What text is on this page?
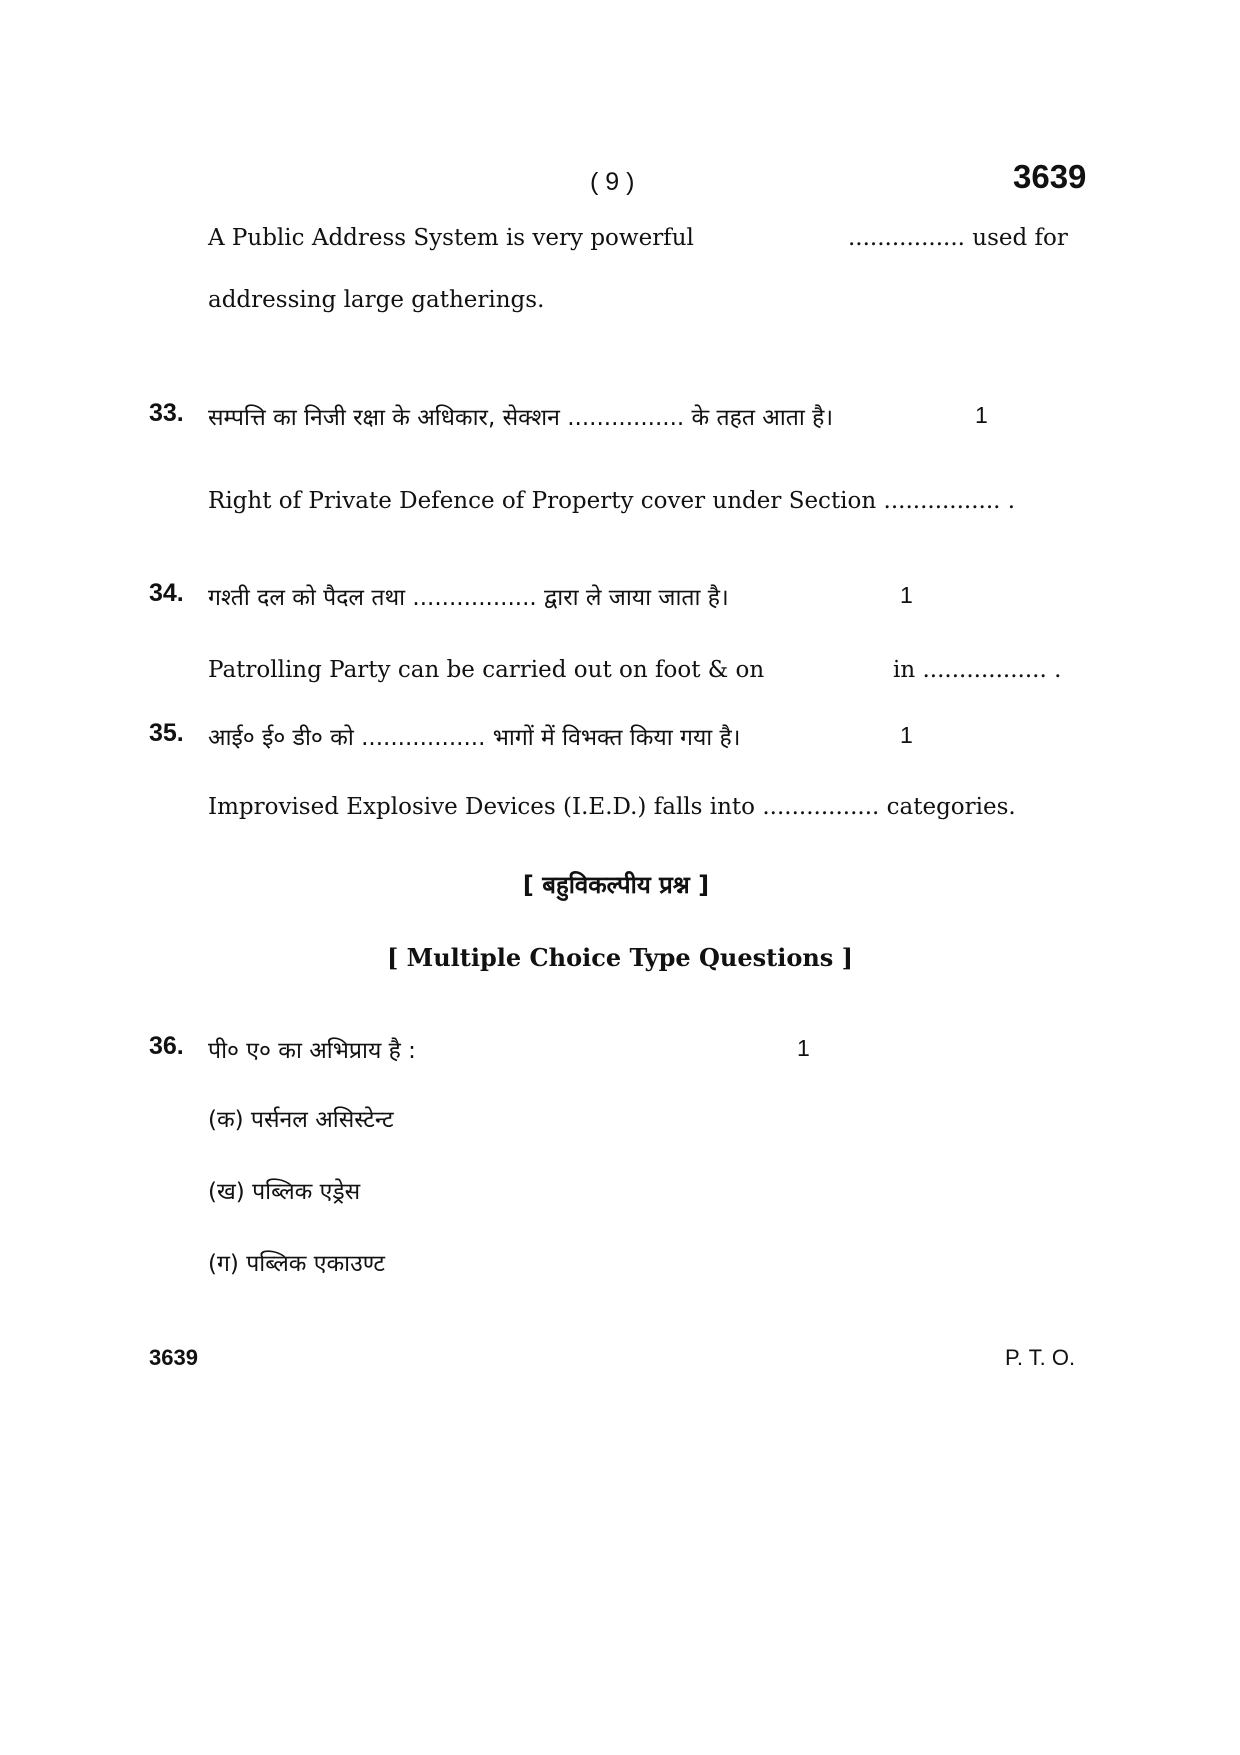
( 9 )	3639
A Public Address System is very powerful	................ used for
addressing large gatherings.
33. सम्पत्ति का निजी रक्षा के अधिकार, सेक्शन ................ के तहत आता है।	1
Right of Private Defence of Property cover under Section ................ .
34. गश्ती दल को पैदल तथा ................. द्वारा ले जाया जाता है।	1
Patrolling Party can be carried out on foot & on	in ................. .
35. आई० ई० डी० को ................. भागों में विभक्त किया गया है।	1
Improvised Explosive Devices (I.E.D.) falls into ................ categories.
[ बहुविकल्पीय प्रश्न ]
[ Multiple Choice Type Questions ]
36. पी० ए० का अभिप्राय है :	1
(क) पर्सनल असिस्टेन्ट
(ख) पब्लिक एड्रेस
(ग) पब्लिक एकाउण्ट
3639	P. T. O.
